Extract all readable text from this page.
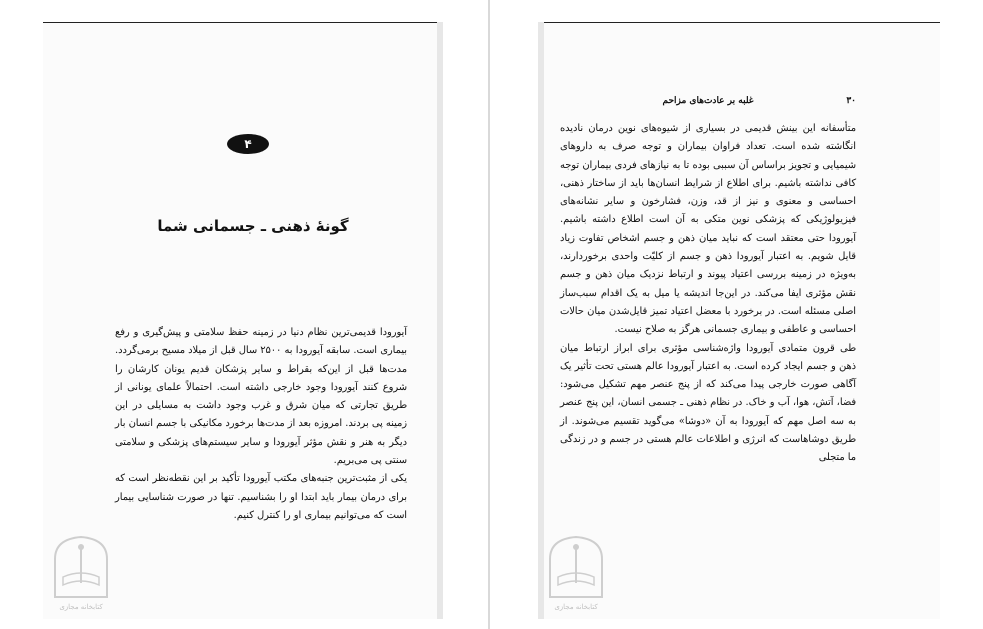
۴
گونهٔ ذهنی ـ جسمانی شما

آیورودا قدیمی‌ترین نظام دنیا در زمینه حفظ سلامتی و پیش‌گیری و رفع بیماری است. سابقه آیورودا به ۲۵۰۰ سال قبل از میلاد مسیح برمی‌گردد. مدت‌ها قبل از این‌که بقراط و سایر پزشکان قدیم یونان کارشان را شروع کنند آیورودا وجود خارجی داشته است. احتمالاً علمای یونانی از طریق تجارتی که میان شرق و غرب وجود داشت به مسایلی در این زمینه پی بردند. امروزه بعد از مدت‌ها برخورد مکانیکی با جسم انسان بار دیگر به هنر و نقش مؤثر آیورودا و سایر سیستم‌های پزشکی و سلامتی سنتی پی می‌بریم.

یکی از مثبت‌ترین جنبه‌های مکتب آیورودا تأکید بر این نقطه‌نظر است که برای درمان بیمار باید ابتدا او را بشناسیم. تنها در صورت شناسایی بیمار است که می‌توانیم بیماری او را کنترل کنیم.

کتابخانه مجازی
۳۰
غلبه بر عادت‌های مزاحم

متأسفانه این بینش قدیمی در بسیاری از شیوه‌های نوین درمان نادیده انگاشته شده است. تعداد فراوان بیماران و توجه صرف به داروهای شیمیایی و تجویز براساس آن سببی بوده تا به نیازهای فردی بیماران توجه کافی نداشته باشیم. برای اطلاع از شرایط انسان‌ها باید از ساختار ذهنی، احساسی و معنوی و نیز از قد، وزن، فشارخون و سایر نشانه‌های فیزیولوژیکی که پزشکی نوین متکی به آن است اطلاع داشته باشیم. آیورودا حتی معتقد است که نباید میان ذهن و جسم اشخاص تفاوت زیاد قایل شویم. به اعتبار آیورودا ذهن و جسم از کلیّت واحدی برخوردارند، به‌ویژه در زمینه بررسی اعتیاد پیوند و ارتباط نزدیک میان ذهن و جسم نقش مؤثری ایفا می‌کند. در این‌جا اندیشه یا میل به یک اقدام سبب‌ساز اصلی مسئله است. در برخورد با معضل اعتیاد تمیز قایل‌شدن میان حالات احساسی و عاطفی و بیماری جسمانی هرگز به صلاح نیست.

طی قرون متمادی آیورودا واژه‌شناسی مؤثری برای ابراز ارتباط میان ذهن و جسم ایجاد کرده است. به اعتبار آیورودا عالم هستی تحت تأثیر یک آگاهی صورت خارجی پیدا می‌کند که از پنج عنصر مهم تشکیل می‌شود: فضا، آتش، هوا، آب و خاک. در نظام ذهنی ـ جسمی انسان، این پنج عنصر به سه اصل مهم که آیورودا به آن «دوشا» می‌گوید تقسیم می‌شوند. از طریق دوشاهاست که انرژی و اطلاعات عالم هستی در جسم و در زندگی ما متجلی

کتابخانه مجازی
